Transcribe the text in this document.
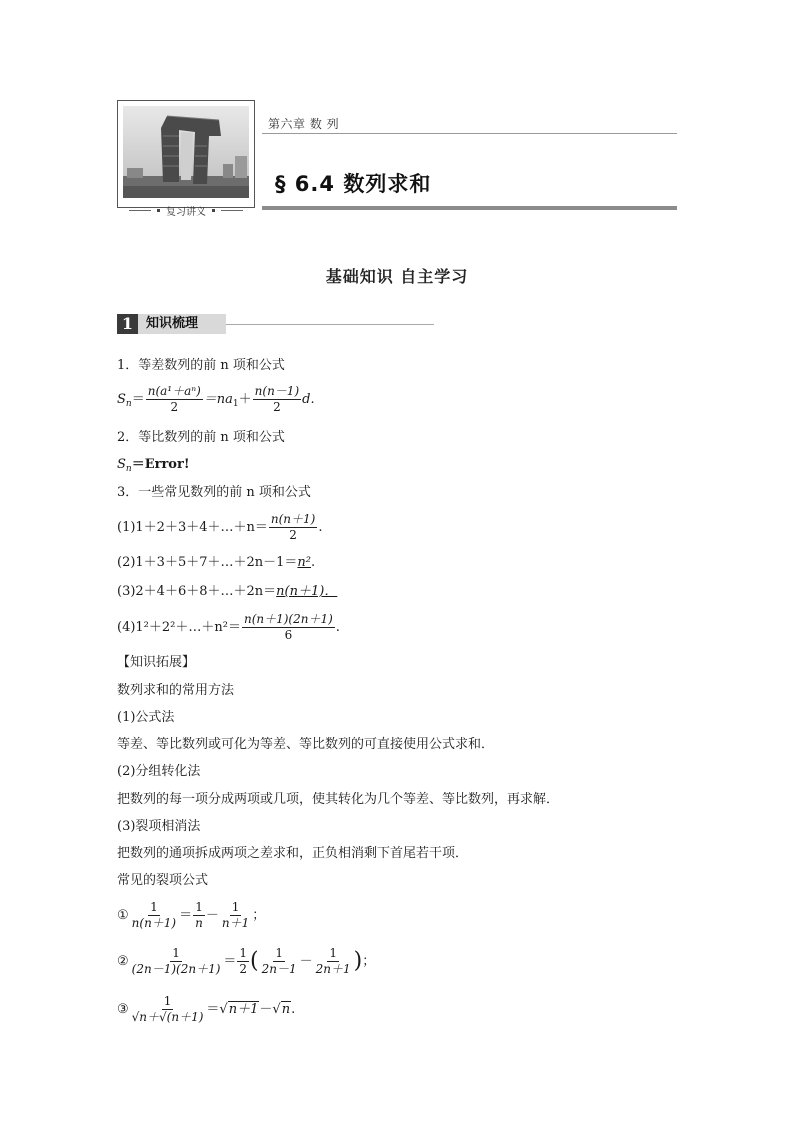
复习讲义
第六章 数 列
§ 6.4 数列求和
基础知识 自主学习
1 知识梳理
1．等差数列的前 n 项和公式
$S_n= \frac{\text{n(a¹＋aⁿ)}}{2} =na_1+ \frac{n(n-1)}{2} d$.
2．等比数列的前 n 项和公式
$S_n=Error$!
3．一些常见数列的前 n 项和公式
(1)1＋2＋3＋4＋…＋n＝ $\frac{n(n+1)}{2}$ .
(2)1＋3＋5＋7＋…＋2n－1＝n².
(3)2＋4＋6＋8＋…＋2n＝n(n＋1)．
(4)1²＋2²＋…＋n²＝ $\frac{n(n+1)(2n+1)}{6}$ .
【知识拓展】
数列求和的常用方法
(1)公式法
等差、等比数列或可化为等差、等比数列的可直接使用公式求和．
(2)分组转化法
把数列的每一项分成两项或几项，使其转化为几个等差、等比数列，再求解．
(3)裂项相消法
把数列的通项拆成两项之差求和，正负相消剩下首尾若干项．
常见的裂项公式
① $\frac{1}{n(n+1)} = \frac{1}{n} - \frac{1}{n+1}$ ；
② $\frac{1}{(2n-1)(2n+1)} = \frac{1}{2}$ ( $\frac{1}{2n-1} - \frac{1}{2n+1}$ )；
③ $\frac{1}{√n+√(n+1)} =√n+1-√n$.
